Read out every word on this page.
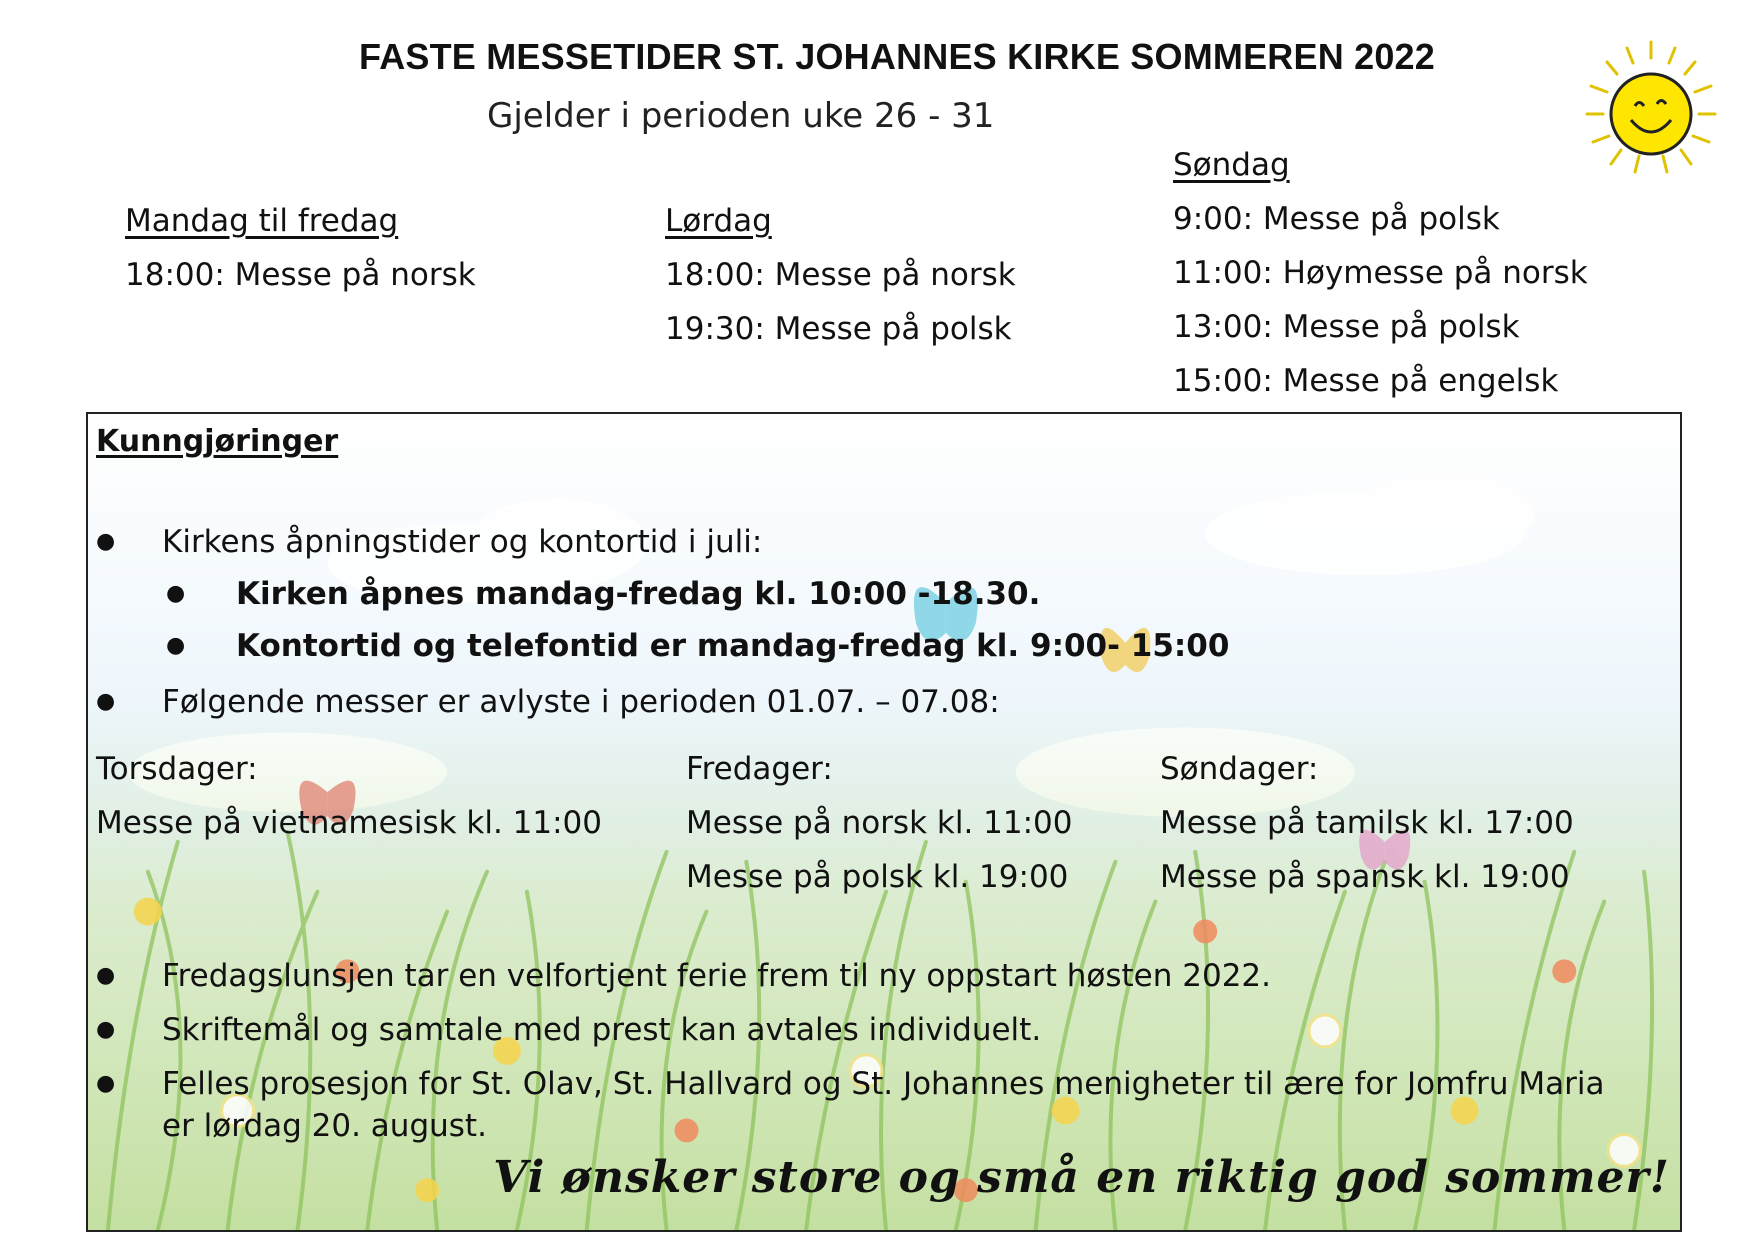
FASTE MESSETIDER ST. JOHANNES KIRKE SOMMEREN 2022
Gjelder i perioden uke 26 - 31
Mandag til fredag
18:00: Messe på norsk
Lørdag
18:00: Messe på norsk
19:30: Messe på polsk
Søndag
9:00: Messe på polsk
11:00: Høymesse på norsk
13:00: Messe på polsk
15:00: Messe på engelsk
Kunngjøringer
● Kirkens åpningstider og kontortid i juli:
● Kirken åpnes mandag-fredag kl. 10:00 -18.30.
● Kontortid og telefontid er mandag-fredag kl. 9:00- 15:00
● Følgende messer er avlyste i perioden 01.07. – 07.08:
Torsdager:
Messe på vietnamesisk kl. 11:00
Fredager:
Messe på norsk kl. 11:00
Messe på polsk kl. 19:00
Søndager:
Messe på tamilsk kl. 17:00
Messe på spansk kl. 19:00
● Fredagslunsjen tar en velfortjent ferie frem til ny oppstart høsten 2022.
● Skriftemål og samtale med prest kan avtales individuelt.
● Felles prosesjon for St. Olav, St. Hallvard og St. Johannes menigheter til ære for Jomfru Maria
er lørdag 20. august.
Vi ønsker store og små en riktig god sommer!
